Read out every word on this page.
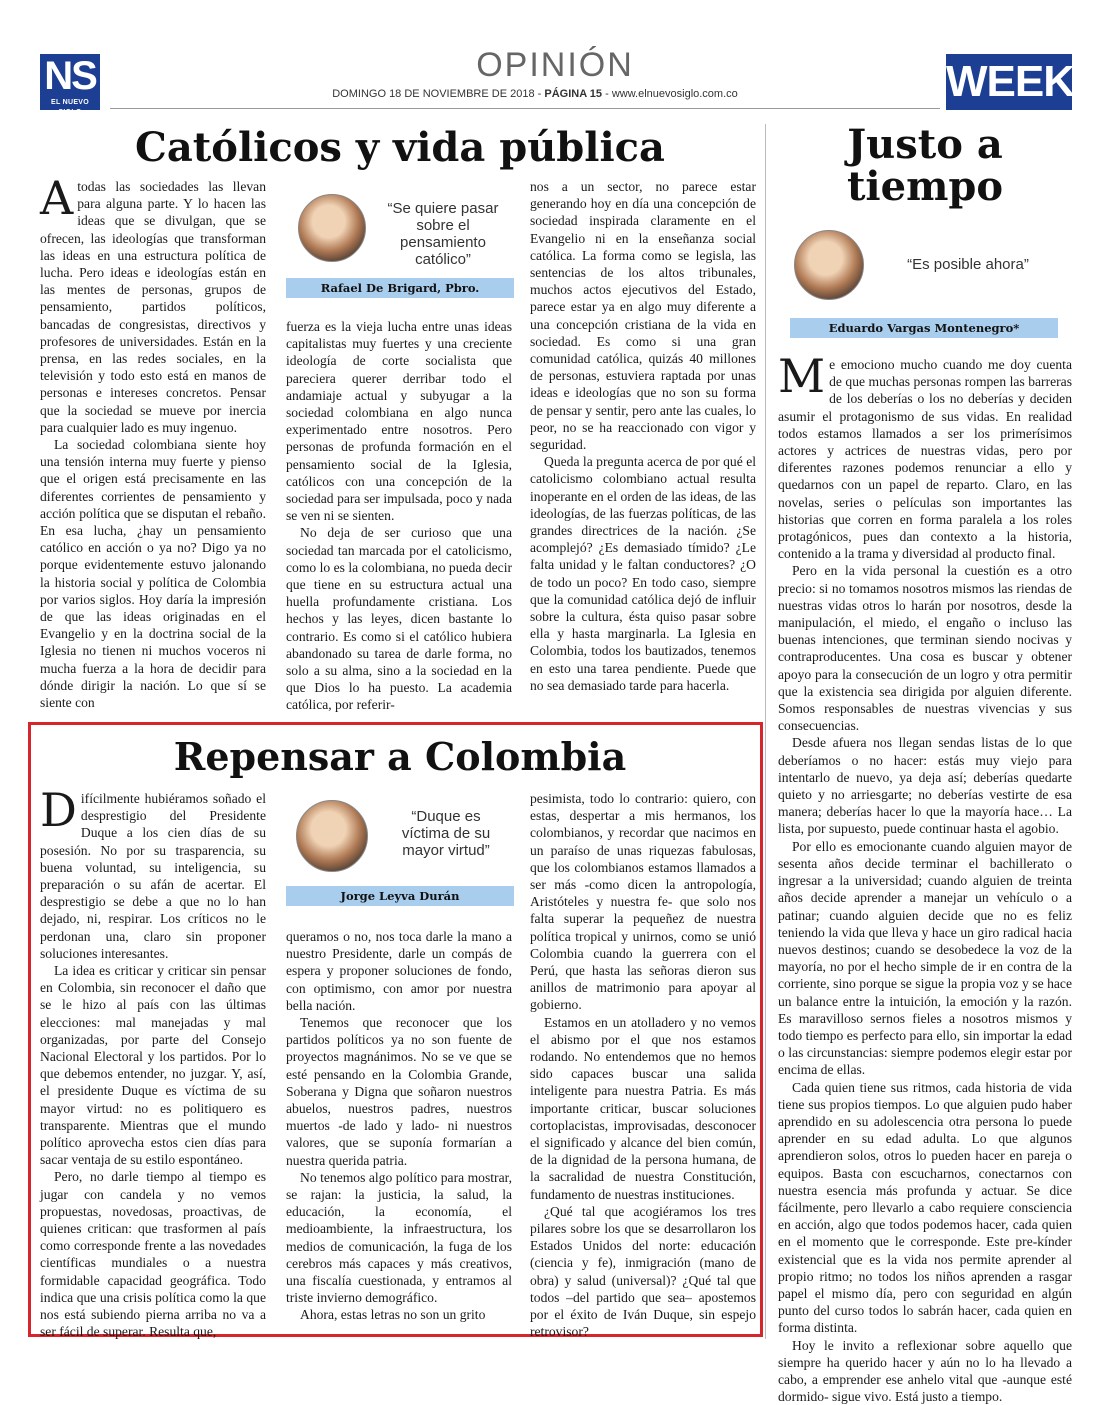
NS
EL NUEVO SIGLO
OPINIÓN
DOMINGO 18 DE NOVIEMBRE DE 2018 - PÁGINA 15 - www.elnuevosiglo.com.co	WEEK
Católicos y vida pública

Atodas las sociedades las llevan para alguna parte. Y lo hacen las ideas que se divulgan, que se ofrecen, las ideologías que transforman las ideas en una estructura política de lucha. Pero ideas e ideologías están en las mentes de personas, grupos de pensamiento, partidos políticos, bancadas de congresistas, directivos y profesores de universidades. Están en la prensa, en las redes sociales, en la televisión y todo esto está en manos de personas e intereses concretos. Pensar que la sociedad se mueve por inercia para cualquier lado es muy ingenuo.

La sociedad colombiana siente hoy una tensión interna muy fuerte y pienso que el origen está precisamente en las diferentes corrientes de pensamiento y acción política que se disputan el rebaño. En esa lucha, ¿hay un pensamiento católico en acción o ya no? Digo ya no porque evidentemente estuvo jalonando la historia social y política de Colombia por varios siglos. Hoy daría la impresión de que las ideas originadas en el Evangelio y en la doctrina social de la Iglesia no tienen ni muchos voceros ni mucha fuerza a la hora de decidir para dónde dirigir la nación. Lo que sí se siente con

“Se quiere pasar sobre el pensamiento católico”
Rafael De Brigard, Pbro.

fuerza es la vieja lucha entre unas ideas capitalistas muy fuertes y una creciente ideología de corte socialista que pareciera querer derribar todo el andamiaje actual y subyugar a la sociedad colombiana en algo nunca experimentado entre nosotros. Pero personas de profunda formación en el pensamiento social de la Iglesia, católicos con una concepción de la sociedad para ser impulsada, poco y nada se ven ni se sienten.

No deja de ser curioso que una sociedad tan marcada por el catolicismo, como lo es la colombiana, no pueda decir que tiene en su estructura actual una huella profundamente cristiana. Los hechos y las leyes, dicen bastante lo contrario. Es como si el católico hubiera abandonado su tarea de darle forma, no solo a su alma, sino a la sociedad en la que Dios lo ha puesto. La academia católica, por referir-

nos a un sector, no parece estar generando hoy en día una concepción de sociedad inspirada claramente en el Evangelio ni en la enseñanza social católica. La forma como se legisla, las sentencias de los altos tribunales, muchos actos ejecutivos del Estado, parece estar ya en algo muy diferente a una concepción cristiana de la vida en sociedad. Es como si una gran comunidad católica, quizás 40 millones de personas, estuviera raptada por unas ideas e ideologías que no son su forma de pensar y sentir, pero ante las cuales, lo peor, no se ha reaccionado con vigor y seguridad.

Queda la pregunta acerca de por qué el catolicismo colombiano actual resulta inoperante en el orden de las ideas, de las ideologías, de las fuerzas políticas, de las grandes directrices de la nación. ¿Se acomplejó? ¿Es demasiado tímido? ¿Le falta unidad y le faltan conductores? ¿O de todo un poco? En todo caso, siempre que la comunidad católica dejó de influir sobre la cultura, ésta quiso pasar sobre ella y hasta marginarla. La Iglesia en Colombia, todos los bautizados, tenemos en esto una tarea pendiente. Puede que no sea demasiado tarde para hacerla.

Justo a tiempo
“Es posible ahora”
Eduardo Vargas Montenegro*

Me emociono mucho cuando me doy cuenta de que muchas personas rompen las barreras de los deberías o los no deberías y deciden asumir el protagonismo de sus vidas. En realidad todos estamos llamados a ser los primerísimos actores y actrices de nuestras vidas, pero por diferentes razones podemos renunciar a ello y quedarnos con un papel de reparto. Claro, en las novelas, series o películas son importantes las historias que corren en forma paralela a los roles protagónicos, pues dan contexto a la historia, contenido a la trama y diversidad al producto final.

Pero en la vida personal la cuestión es a otro precio: si no tomamos nosotros mismos las riendas de nuestras vidas otros lo harán por nosotros, desde la manipulación, el miedo, el engaño o incluso las buenas intenciones, que terminan siendo nocivas y contraproducentes. Una cosa es buscar y obtener apoyo para la consecución de un logro y otra permitir que la existencia sea dirigida por alguien diferente. Somos responsables de nuestras vivencias y sus consecuencias.

Desde afuera nos llegan sendas listas de lo que deberíamos o no hacer: estás muy viejo para intentarlo de nuevo, ya deja así; deberías quedarte quieto y no arriesgarte; no deberías vestirte de esa manera; deberías hacer lo que la mayoría hace… La lista, por supuesto, puede continuar hasta el agobio.

Por ello es emocionante cuando alguien mayor de sesenta años decide terminar el bachillerato o ingresar a la universidad; cuando alguien de treinta años decide aprender a manejar un vehículo o a patinar; cuando alguien decide que no es feliz teniendo la vida que lleva y hace un giro radical hacia nuevos destinos; cuando se desobedece la voz de la mayoría, no por el hecho simple de ir en contra de la corriente, sino porque se sigue la propia voz y se hace un balance entre la intuición, la emoción y la razón. Es maravilloso sernos fieles a nosotros mismos y todo tiempo es perfecto para ello, sin importar la edad o las circunstancias: siempre podemos elegir estar por encima de ellas.

Cada quien tiene sus ritmos, cada historia de vida tiene sus propios tiempos. Lo que alguien pudo haber aprendido en su adolescencia otra persona lo puede aprender en su edad adulta. Lo que algunos aprendieron solos, otros lo pueden hacer en pareja o equipos. Basta con escucharnos, conectarnos con nuestra esencia más profunda y actuar. Se dice fácilmente, pero llevarlo a cabo requiere consciencia en acción, algo que todos podemos hacer, cada quien en el momento que le corresponde. Este pre-kínder existencial que es la vida nos permite aprender al propio ritmo; no todos los niños aprenden a rasgar papel el mismo día, pero con seguridad en algún punto del curso todos lo sabrán hacer, cada quien en forma distinta.

Hoy le invito a reflexionar sobre aquello que siempre ha querido hacer y aún no lo ha llevado a cabo, a emprender ese anhelo vital que -aunque esté dormido- sigue vivo. Está justo a tiempo.

Repensar a Colombia

Difícilmente hubiéramos soñado el desprestigio del Presidente Duque a los cien días de su posesión. No por su trasparencia, su buena voluntad, su inteligencia, su preparación o su afán de acertar. El desprestigio se debe a que no lo han dejado, ni, respirar. Los críticos no le perdonan una, claro sin proponer soluciones interesantes.

La idea es criticar y criticar sin pensar en Colombia, sin reconocer el daño que se le hizo al país con las últimas elecciones: mal manejadas y mal organizadas, por parte del Consejo Nacional Electoral y los partidos. Por lo que debemos entender, no juzgar. Y, así, el presidente Duque es víctima de su mayor virtud: no es politiquero es transparente. Mientras que el mundo político aprovecha estos cien días para sacar ventaja de su estilo espontáneo.

Pero, no darle tiempo al tiempo es jugar con candela y no vemos propuestas, novedosas, proactivas, de quienes critican: que trasformen al país como corresponde frente a las novedades científicas mundiales o a nuestra formidable capacidad geográfica. Todo indica que una crisis política como la que nos está subiendo pierna arriba no va a ser fácil de superar. Resulta que,

“Duque es víctima de su mayor virtud”
Jorge Leyva Durán

queramos o no, nos toca darle la mano a nuestro Presidente, darle un compás de espera y proponer soluciones de fondo, con optimismo, con amor por nuestra bella nación.

Tenemos que reconocer que los partidos políticos ya no son fuente de proyectos magnánimos. No se ve que se esté pensando en la Colombia Grande, Soberana y Digna que soñaron nuestros abuelos, nuestros padres, nuestros muertos -de lado y lado- ni nuestros valores, que se suponía formarían a nuestra querida patria.

No tenemos algo político para mostrar, se rajan: la justicia, la salud, la educación, la economía, el medioambiente, la infraestructura, los medios de comunicación, la fuga de los cerebros más capaces y más creativos, una fiscalía cuestionada, y entramos al triste invierno demográfico.

Ahora, estas letras no son un grito

pesimista, todo lo contrario: quiero, con estas, despertar a mis hermanos, los colombianos, y recordar que nacimos en un paraíso de unas riquezas fabulosas, que los colombianos estamos llamados a ser más -como dicen la antropología, Aristóteles y nuestra fe- que solo nos falta superar la pequeñez de nuestra política tropical y unirnos, como se unió Colombia cuando la guerrera con el Perú, que hasta las señoras dieron sus anillos de matrimonio para apoyar al gobierno.

Estamos en un atolladero y no vemos el abismo por el que nos estamos rodando. No entendemos que no hemos sido capaces buscar una salida inteligente para nuestra Patria. Es más importante criticar, buscar soluciones cortoplacistas, improvisadas, desconocer el significado y alcance del bien común, de la dignidad de la persona humana, de la sacralidad de nuestra Constitución, fundamento de nuestras instituciones.

¿Qué tal que acogiéramos los tres pilares sobre los que se desarrollaron los Estados Unidos del norte: educación (ciencia y fe), inmigración (mano de obra) y salud (universal)? ¿Qué tal que todos –del partido que sea– apostemos por el éxito de Iván Duque, sin espejo retrovisor?
